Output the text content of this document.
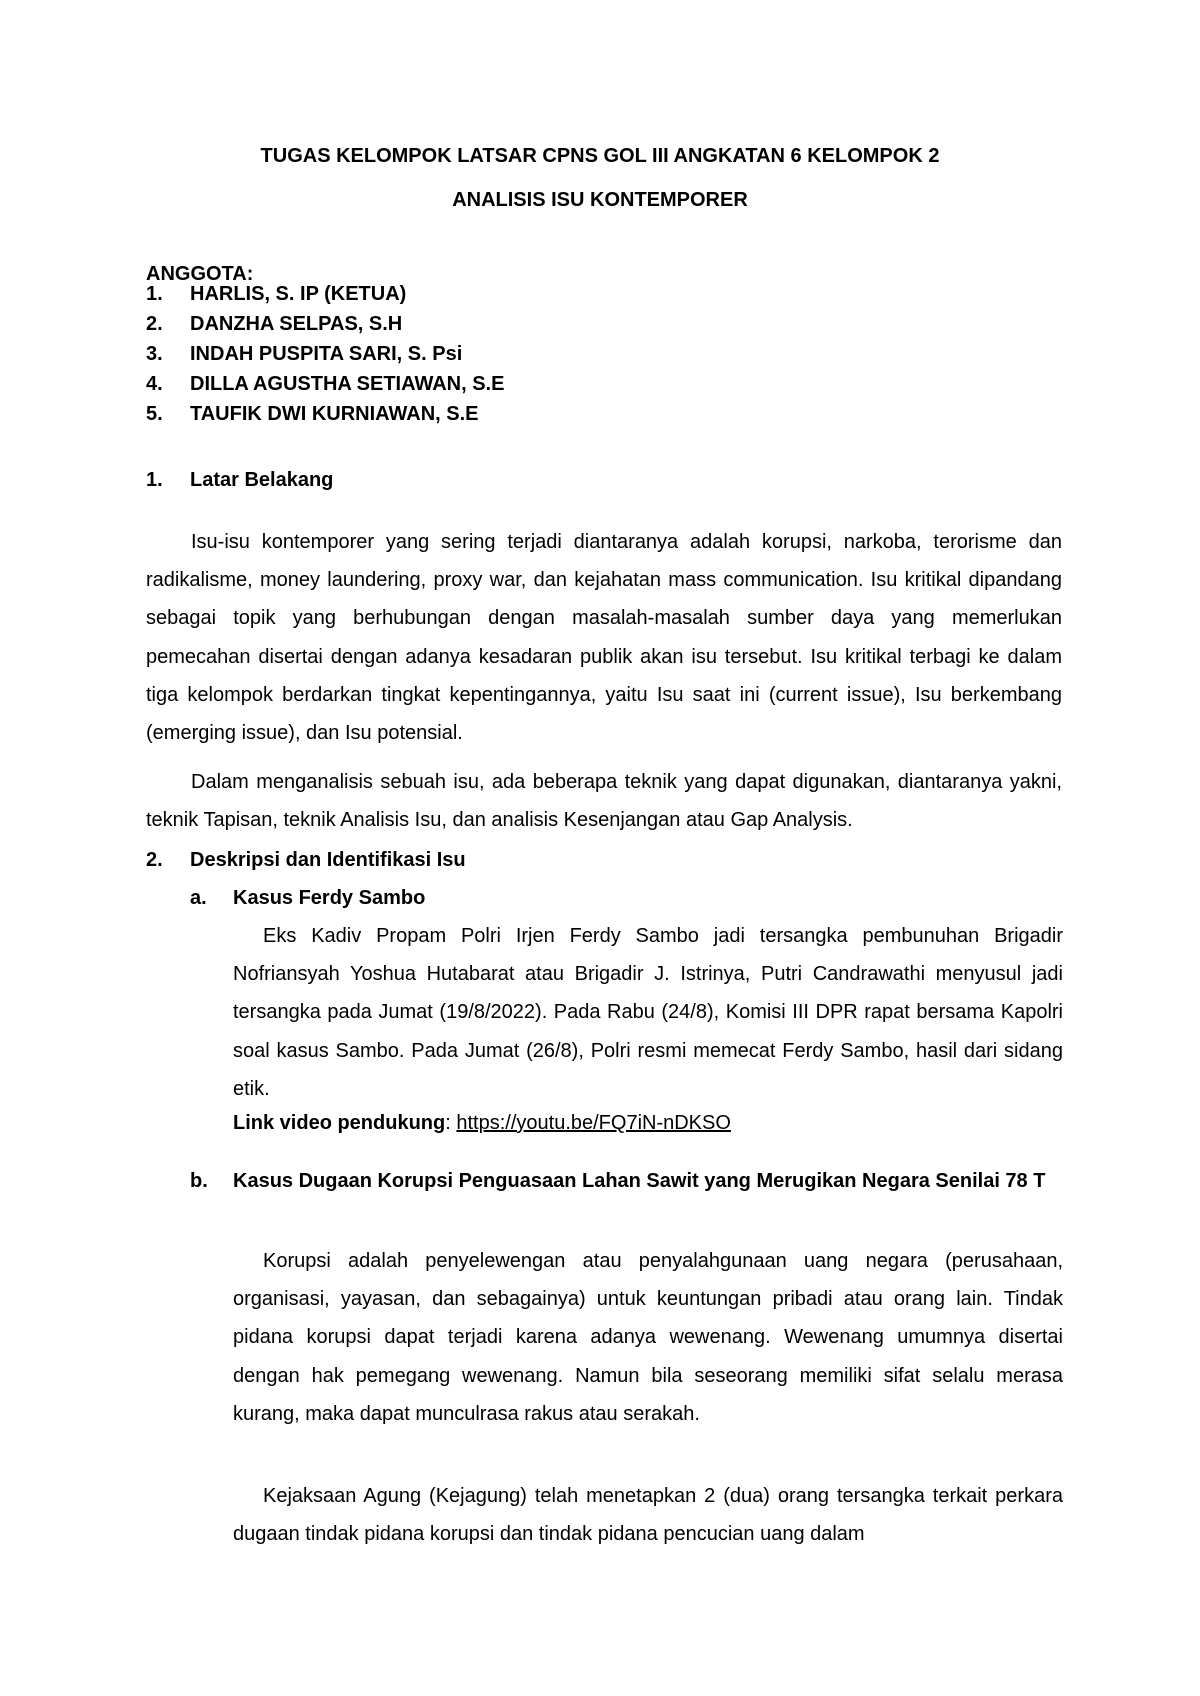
TUGAS KELOMPOK LATSAR CPNS GOL III ANGKATAN 6 KELOMPOK 2

ANALISIS ISU KONTEMPORER

ANGGOTA:

1. HARLIS, S. IP (KETUA)
2. DANZHA SELPAS, S.H
3. INDAH PUSPITA SARI, S. Psi
4. DILLA AGUSTHA SETIAWAN, S.E
5. TAUFIK DWI KURNIAWAN, S.E
1. Latar Belakang

Isu-isu kontemporer yang sering terjadi diantaranya adalah korupsi, narkoba, terorisme dan radikalisme, money laundering, proxy war, dan kejahatan mass communication. Isu kritikal dipandang sebagai topik yang berhubungan dengan masalah-masalah sumber daya yang memerlukan pemecahan disertai dengan adanya kesadaran publik akan isu tersebut. Isu kritikal terbagi ke dalam tiga kelompok berdarkan tingkat kepentingannya, yaitu Isu saat ini (current issue), Isu berkembang (emerging issue), dan Isu potensial.

Dalam menganalisis sebuah isu, ada beberapa teknik yang dapat digunakan, diantaranya yakni, teknik Tapisan, teknik Analisis Isu, dan analisis Kesenjangan atau Gap Analysis.

2. Deskripsi dan Identifikasi Isu
a. Kasus Ferdy Sambo

Eks Kadiv Propam Polri Irjen Ferdy Sambo jadi tersangka pembunuhan Brigadir Nofriansyah Yoshua Hutabarat atau Brigadir J. Istrinya, Putri Candrawathi menyusul jadi tersangka pada Jumat (19/8/2022). Pada Rabu (24/8), Komisi III DPR rapat bersama Kapolri soal kasus Sambo. Pada Jumat (26/8), Polri resmi memecat Ferdy Sambo, hasil dari sidang etik.

Link video pendukung: https://youtu.be/FQ7iN-nDKSO
b. Kasus Dugaan Korupsi Penguasaan Lahan Sawit yang Merugikan Negara Senilai 78 T

Korupsi adalah penyelewengan atau penyalahgunaan uang negara (perusahaan, organisasi, yayasan, dan sebagainya) untuk keuntungan pribadi atau orang lain. Tindak pidana korupsi dapat terjadi karena adanya wewenang. Wewenang umumnya disertai dengan hak pemegang wewenang. Namun bila seseorang memiliki sifat selalu merasa kurang, maka dapat munculrasa rakus atau serakah.

Kejaksaan Agung (Kejagung) telah menetapkan 2 (dua) orang tersangka terkait perkara dugaan tindak pidana korupsi dan tindak pidana pencucian uang dalam
